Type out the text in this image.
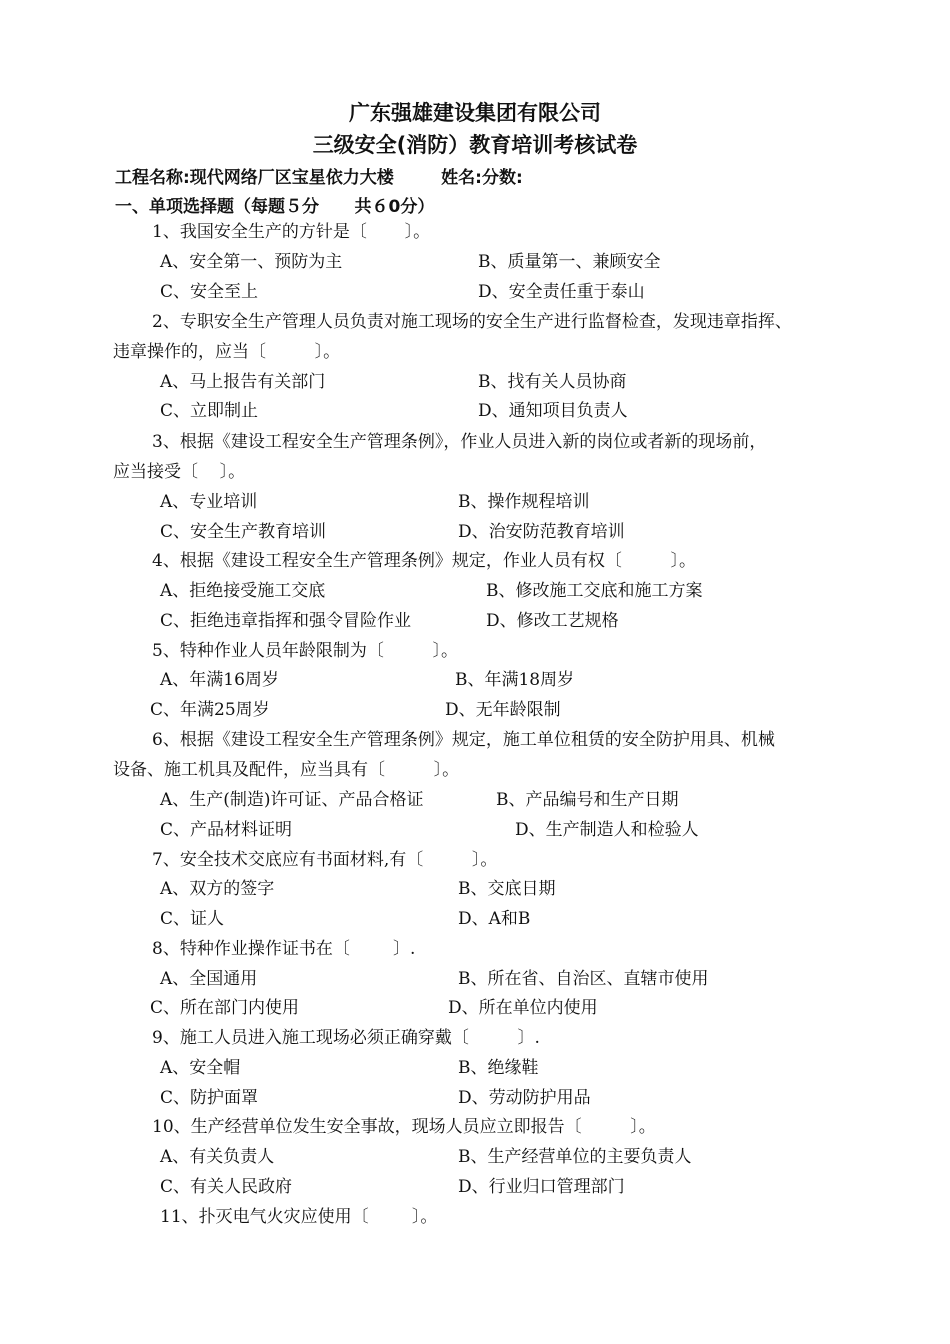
广东强雄建设集团有限公司
三级安全(消防）教育培训考核试卷
工程名称:现代网络厂区宝星依力大楼        姓名:分数:
一、单项选择题（每题５分      共６0分）
1、我国安全生产的方针是〔       〕。
A、安全第一、预防为主	B、质量第一、兼顾安全
C、安全至上	D、安全责任重于泰山
2、专职安全生产管理人员负责对施工现场的安全生产进行监督检查，发现违章指挥、
违章操作的，应当〔         〕。
A、马上报告有关部门	B、找有关人员协商
C、立即制止	D、通知项目负责人
3、根据《建设工程安全生产管理条例》，作业人员进入新的岗位或者新的现场前，
应当接受〔    〕。
A、专业培训	B、操作规程培训
C、安全生产教育培训	D、治安防范教育培训
4、根据《建设工程安全生产管理条例》规定，作业人员有权〔         〕。
A、拒绝接受施工交底	B、修改施工交底和施工方案
C、拒绝违章指挥和强令冒险作业	D、修改工艺规格
5、特种作业人员年龄限制为〔         〕。
A、年满16周岁	B、年满18周岁
C、年满25周岁	D、无年龄限制
6、根据《建设工程安全生产管理条例》规定，施工单位租赁的安全防护用具、机械
设备、施工机具及配件，应当具有〔         〕。
A、生产(制造)许可证、产品合格证	B、产品编号和生产日期
C、产品材料证明	D、生产制造人和检验人
7、安全技术交底应有书面材料,有〔         〕。
A、双方的签字	B、交底日期
C、证人	D、A和B
8、特种作业操作证书在〔        〕.
A、全国通用	B、所在省、自治区、直辖市使用
C、所在部门内使用	D、所在单位内使用
9、施工人员进入施工现场必须正确穿戴〔         〕.
A、安全帽	B、绝缘鞋
C、防护面罩	D、劳动防护用品
10、生产经营单位发生安全事故，现场人员应立即报告〔         〕。
A、有关负责人	B、生产经营单位的主要负责人
C、有关人民政府	D、行业归口管理部门
11、扑灭电气火灾应使用〔        〕。
